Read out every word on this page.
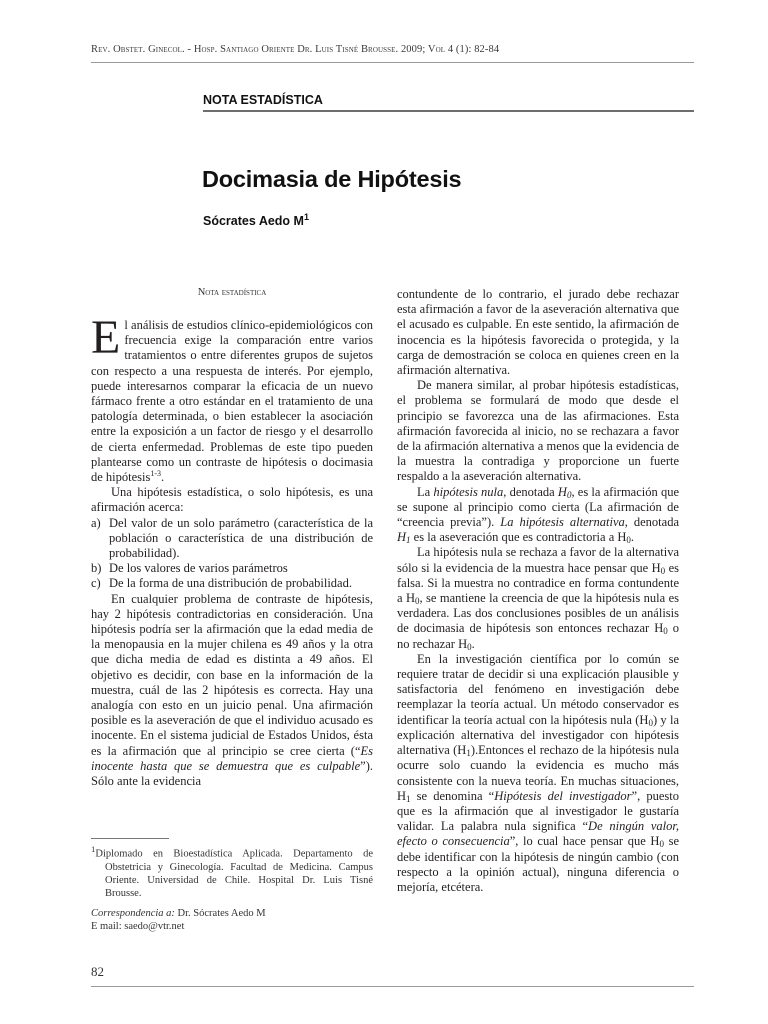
Rev. Obstet. Ginecol. - Hosp. Santiago Oriente Dr. Luis Tisné Brousse. 2009; Vol 4 (1): 82-84
NOTA ESTADÍSTICA
Docimasia de Hipótesis
Sócrates Aedo $M^1$
Nota estadística

El análisis de estudios clínico-epidemiológicos con frecuencia exige la comparación entre varios tratamientos o entre diferentes grupos de sujetos con respecto a una respuesta de interés. Por ejemplo, puede interesarnos comparar la eficacia de un nuevo fármaco frente a otro estándar en el tratamiento de una patología determinada, o bien establecer la asociación entre la exposición a un factor de riesgo y el desarrollo de cierta enfermedad. Problemas de este tipo pueden plantearse como un contraste de hipótesis o docimasia de hipótesis$^{1-3}$.

Una hipótesis estadística, o solo hipótesis, es una afirmación acerca:

a) Del valor de un solo parámetro (característica de la población o característica de una distribución de probabilidad).
b) De los valores de varios parámetros
c) De la forma de una distribución de probabilidad.

En cualquier problema de contraste de hipótesis, hay 2 hipótesis contradictorias en consideración. Una hipótesis podría ser la afirmación que la edad media de la menopausia en la mujer chilena es 49 años y la otra que dicha media de edad es distinta a 49 años. El objetivo es decidir, con base en la información de la muestra, cuál de las 2 hipótesis es correcta. Hay una analogía con esto en un juicio penal. Una afirmación posible es la aseveración de que el individuo acusado es inocente. En el sistema judicial de Estados Unidos, ésta es la afirmación que al principio se cree cierta (“Es inocente hasta que se demuestra que es culpable”). Sólo ante la evidencia

contundente de lo contrario, el jurado debe rechazar esta afirmación a favor de la aseveración alternativa que el acusado es culpable. En este sentido, la afirmación de inocencia es la hipótesis favorecida o protegida, y la carga de demostración se coloca en quienes creen en la afirmación alternativa.

De manera similar, al probar hipótesis estadísticas, el problema se formulará de modo que desde el principio se favorezca una de las afirmaciones. Esta afirmación favorecida al inicio, no se rechazara a favor de la afirmación alternativa a menos que la evidencia de la muestra la contradiga y proporcione un fuerte respaldo a la aseveración alternativa.

La hipótesis nula, denotada $H_0$, es la afirmación que se supone al principio como cierta (La afirmación de “creencia previa”). La hipótesis alternativa, denotada $H_1$ es la aseveración que es contradictoria a $H_0$.

La hipótesis nula se rechaza a favor de la alternativa sólo si la evidencia de la muestra hace pensar que $H_0$ es falsa. Si la muestra no contradice en forma contundente a $H_0$, se mantiene la creencia de que la hipótesis nula es verdadera. Las dos conclusiones posibles de un análisis de docimasia de hipótesis son entonces rechazar $H_0$ o no rechazar $H_0$.

En la investigación científica por lo común se requiere tratar de decidir si una explicación plausible y satisfactoria del fenómeno en investigación debe reemplazar la teoría actual. Un método conservador es identificar la teoría actual con la hipótesis nula $(H_0)$ y la explicación alternativa del investigador con hipótesis alternativa $(H_1).Entonces$ el rechazo de la hipótesis nula ocurre solo cuando la evidencia es mucho más consistente con la nueva teoría. En muchas situaciones, $H_1$ se denomina “Hipótesis del investigador”, puesto que es la afirmación que al investigador le gustaría validar. La palabra nula significa “De ningún valor, efecto o consecuencia”, lo cual hace pensar que $H_0$ se debe identificar con la hipótesis de ningún cambio (con respecto a la opinión actual), ninguna diferencia o mejoría, etcétera.

$^1$Diplomado en Bioestadística Aplicada. Departamento de Obstetricia y Ginecología. Facultad de Medicina. Campus Oriente. Universidad de Chile. Hospital Dr. Luis Tisné Brousse.
Correspondencia a: Dr. Sócrates Aedo M
E mail: saedo@vtr.net
82
